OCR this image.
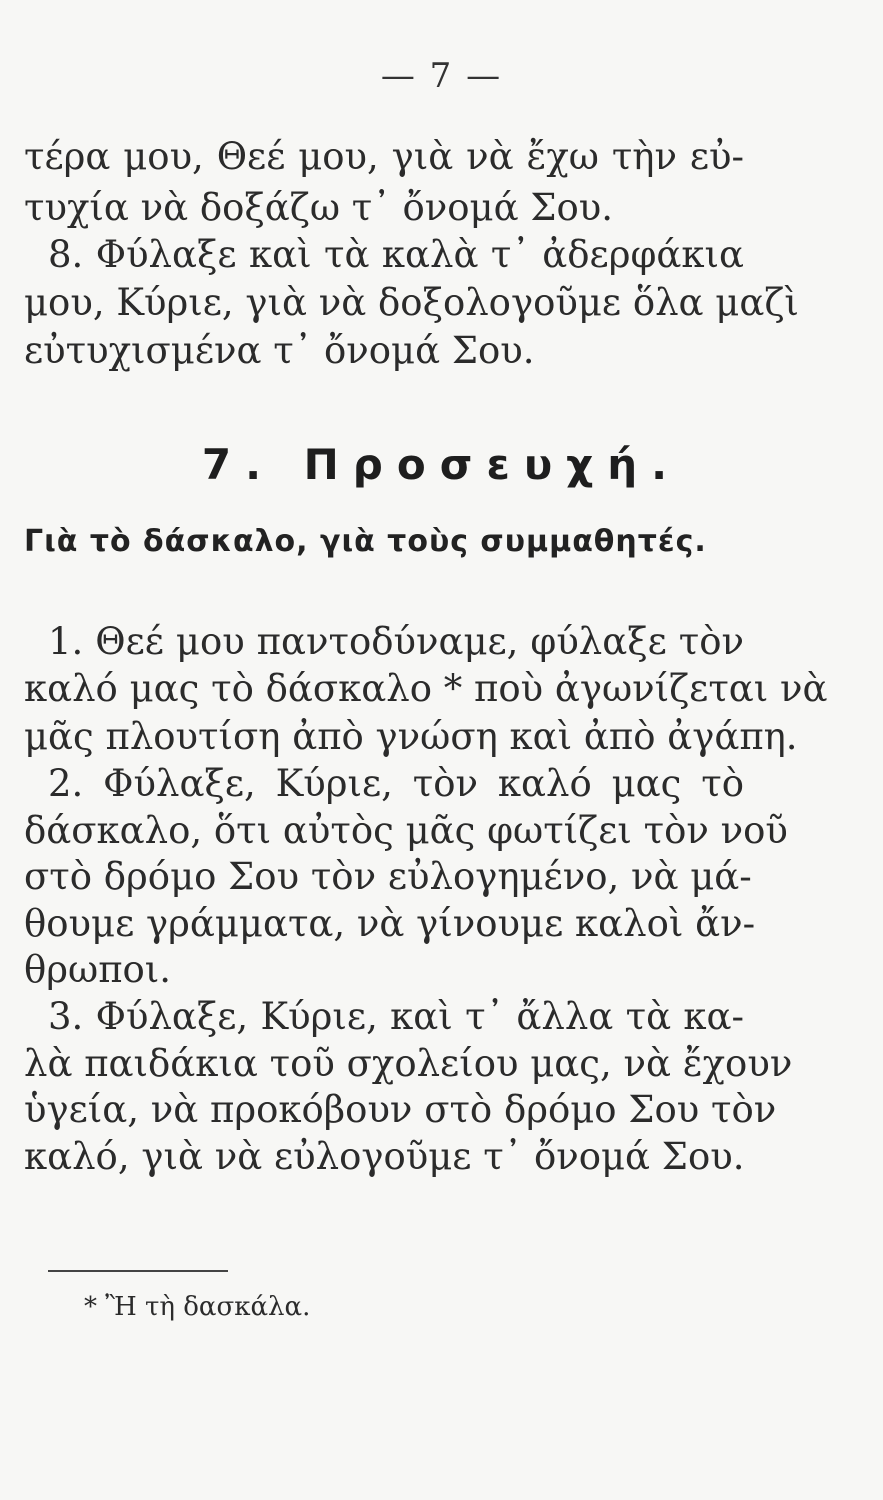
— 7 —
τέρα μου, Θεέ μου, γιὰ νὰ ἔχω τὴν εὐ-
τυχία νὰ δοξάζω τ᾽ ὄνομά Σου.
8. Φύλαξε καὶ τὰ καλὰ τ᾽ ἀδερφάκια
μου, Κύριε, γιὰ νὰ δοξολογοῦμε ὅλα μαζὶ
εὐτυχισμένα τ᾽ ὄνομά Σου.
7. Προσευχή.
Γιὰ τὸ δάσκαλο, γιὰ τοὺς συμμαθητές.
1. Θεέ μου παντοδύναμε, φύλαξε τὸν
καλό μας τὸ δάσκαλο * ποὺ ἀγωνίζεται νὰ
μᾶς πλουτίση ἀπὸ γνώση καὶ ἀπὸ ἀγάπη.
2. Φύλαξε, Κύριε, τὸν καλό μας τὸ
δάσκαλο, ὅτι αὐτὸς μᾶς φωτίζει τὸν νοῦ
στὸ δρόμο Σου τὸν εὐλογημένο, νὰ μά-
θουμε γράμματα, νὰ γίνουμε καλοὶ ἄν-
θρωποι.
3. Φύλαξε, Κύριε, καὶ τ᾽ ἄλλα τὰ κα-
λὰ παιδάκια τοῦ σχολείου μας, νὰ ἔχουν
ὑγεία, νὰ προκόβουν στὸ δρόμο Σου τὸν
καλό, γιὰ νὰ εὐλογοῦμε τ᾽ ὄνομά Σου.
* Ἢ τὴ δασκάλα.
